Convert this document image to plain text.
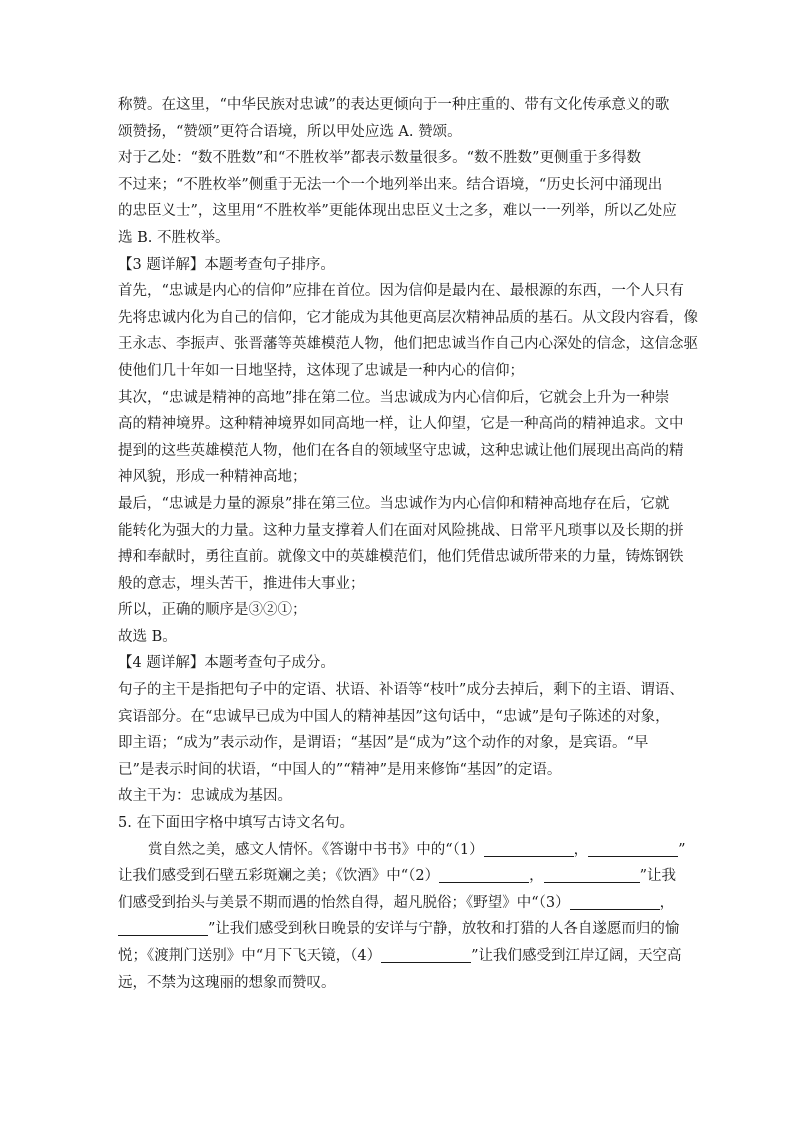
称赞。在这里，“中华民族对忠诚”的表达更倾向于一种庄重的、带有文化传承意义的歌
颂赞扬，“赞颂”更符合语境，所以甲处应选 A. 赞颂。
对于乙处：“数不胜数”和“不胜枚举”都表示数量很多。“数不胜数”更侧重于多得数
不过来；“不胜枚举”侧重于无法一个一个地列举出来。结合语境，“历史长河中涌现出
的忠臣义士”，这里用“不胜枚举”更能体现出忠臣义士之多，难以一一列举，所以乙处应
选 B. 不胜枚举。
【3 题详解】本题考查句子排序。
首先，“忠诚是内心的信仰”应排在首位。因为信仰是最内在、最根源的东西，一个人只有
先将忠诚内化为自己的信仰，它才能成为其他更高层次精神品质的基石。从文段内容看，像
王永志、李振声、张晋藩等英雄模范人物，他们把忠诚当作自己内心深处的信念，这信念驱
使他们几十年如一日地坚持，这体现了忠诚是一种内心的信仰；
其次，“忠诚是精神的高地”排在第二位。当忠诚成为内心信仰后，它就会上升为一种崇
高的精神境界。这种精神境界如同高地一样，让人仰望，它是一种高尚的精神追求。文中
提到的这些英雄模范人物，他们在各自的领域坚守忠诚，这种忠诚让他们展现出高尚的精
神风貌，形成一种精神高地；
最后，“忠诚是力量的源泉”排在第三位。当忠诚作为内心信仰和精神高地存在后，它就
能转化为强大的力量。这种力量支撑着人们在面对风险挑战、日常平凡琐事以及长期的拼
搏和奉献时，勇往直前。就像文中的英雄模范们，他们凭借忠诚所带来的力量，铸炼钢铁
般的意志，埋头苦干，推进伟大事业；
所以，正确的顺序是③②①；
故选 B。
【4 题详解】本题考查句子成分。
句子的主干是指把句子中的定语、状语、补语等“枝叶”成分去掉后，剩下的主语、谓语、
宾语部分。在“忠诚早已成为中国人的精神基因”这句话中，“忠诚”是句子陈述的对象，
即主语；“成为”表示动作，是谓语；“基因”是“成为”这个动作的对象，是宾语。“早
已”是表示时间的状语，“中国人的”“精神”是用来修饰“基因”的定语。
故主干为：忠诚成为基因。
5. 在下面田字格中填写古诗文名句。
赏自然之美，感文人情怀。《答谢中书书》中的“（1）	，	”
让我们感受到石壁五彩斑斓之美；《饮酒》中“（2）	，	”让我
们感受到抬头与美景不期而遇的怡然自得，超凡脱俗；《野望》中“（3）	，
”让我们感受到秋日晚景的安详与宁静，放牧和打猎的人各自遂愿而归的愉
悦；《渡荆门送别》中“月下飞天镜，（4）	”让我们感受到江岸辽阔，天空高
远，不禁为这瑰丽的想象而赞叹。
